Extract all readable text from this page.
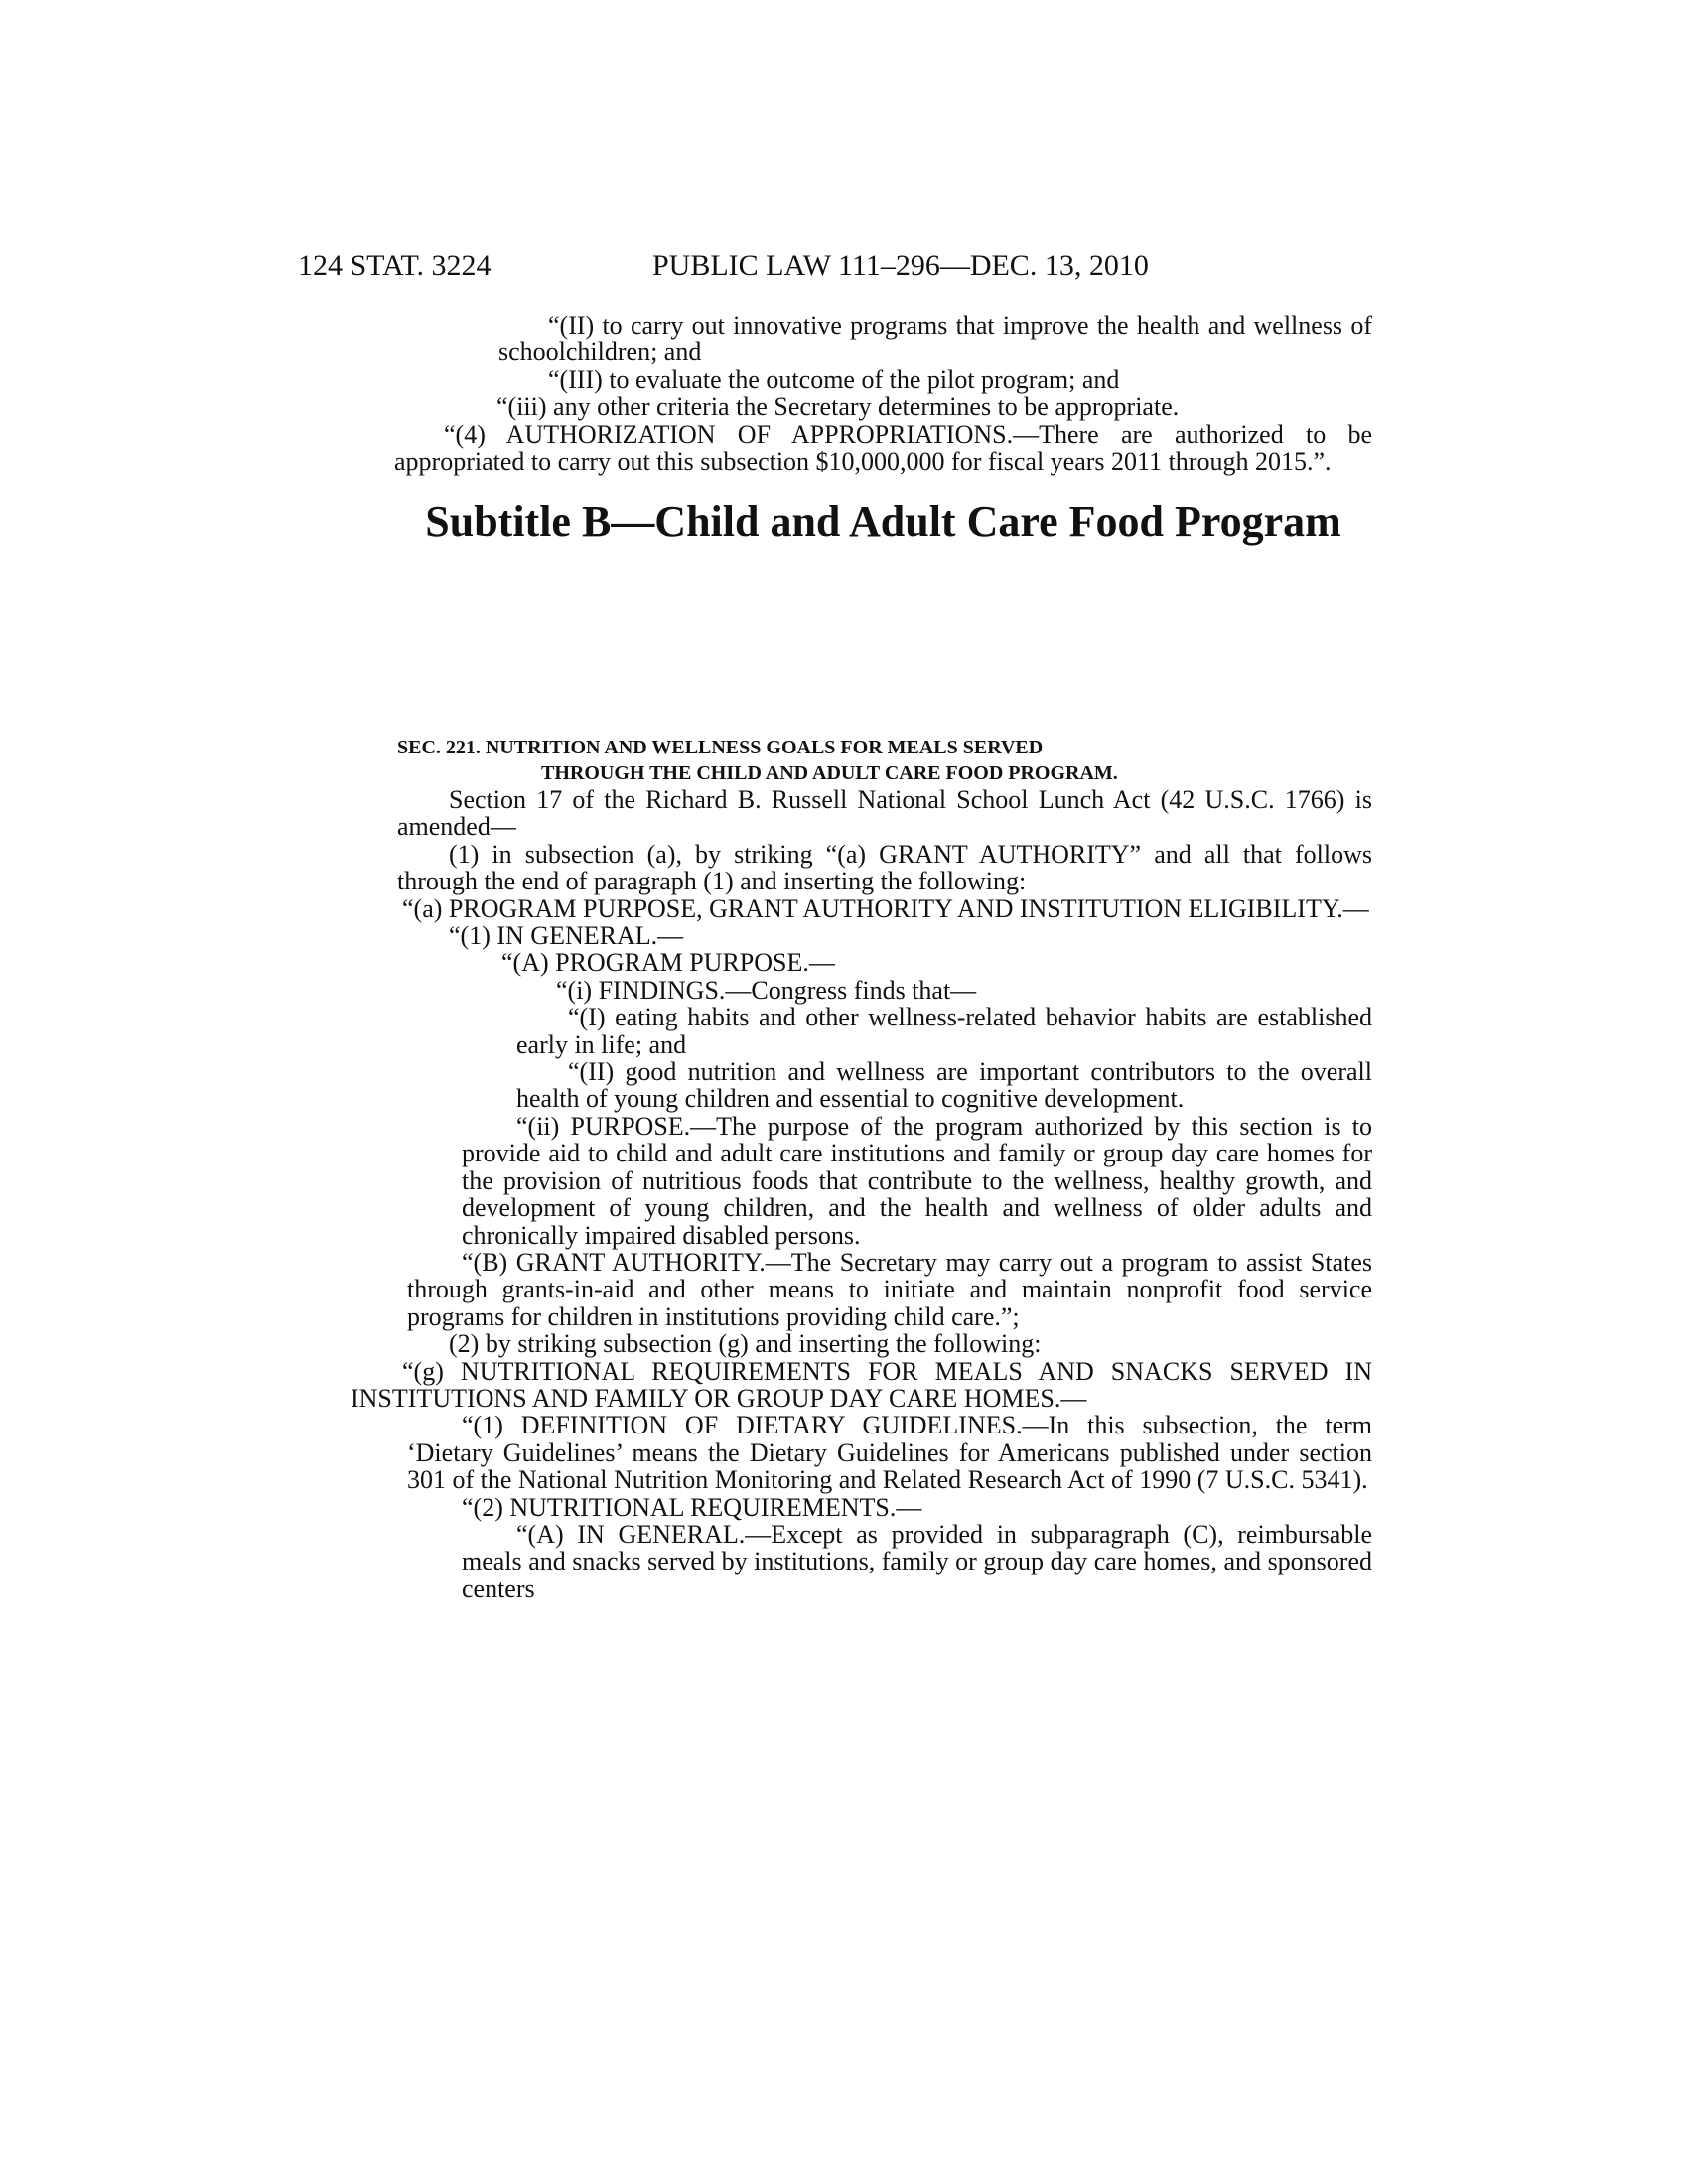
124 STAT. 3224	PUBLIC LAW 111–296—DEC. 13, 2010

“(II) to carry out innovative programs that improve the health and wellness of schoolchildren; and

“(III) to evaluate the outcome of the pilot program; and

“(iii) any other criteria the Secretary determines to be appropriate.

“(4) AUTHORIZATION OF APPROPRIATIONS.—There are authorized to be appropriated to carry out this subsection $10,000,000 for fiscal years 2011 through 2015.”.

Subtitle B—Child and Adult Care Food Program
SEC. 221. NUTRITION AND WELLNESS GOALS FOR MEALS SERVED
THROUGH THE CHILD AND ADULT CARE FOOD PROGRAM.

Section 17 of the Richard B. Russell National School Lunch Act (42 U.S.C. 1766) is amended—

(1) in subsection (a), by striking “(a) GRANT AUTHORITY” and all that follows through the end of paragraph (1) and inserting the following:

“(a) PROGRAM PURPOSE, GRANT AUTHORITY AND INSTITUTION ELIGIBILITY.—

“(1) IN GENERAL.—

“(A) PROGRAM PURPOSE.—

“(i) FINDINGS.—Congress finds that—

“(I) eating habits and other wellness-related behavior habits are established early in life; and

“(II) good nutrition and wellness are important contributors to the overall health of young children and essential to cognitive development.

“(ii) PURPOSE.—The purpose of the program authorized by this section is to provide aid to child and adult care institutions and family or group day care homes for the provision of nutritious foods that contribute to the wellness, healthy growth, and development of young children, and the health and wellness of older adults and chronically impaired disabled persons.

“(B) GRANT AUTHORITY.—The Secretary may carry out a program to assist States through grants-in-aid and other means to initiate and maintain nonprofit food service programs for children in institutions providing child care.”;

(2) by striking subsection (g) and inserting the following:

“(g) NUTRITIONAL REQUIREMENTS FOR MEALS AND SNACKS SERVED IN INSTITUTIONS AND FAMILY OR GROUP DAY CARE HOMES.—

“(1) DEFINITION OF DIETARY GUIDELINES.—In this subsection, the term ‘Dietary Guidelines’ means the Dietary Guidelines for Americans published under section 301 of the National Nutrition Monitoring and Related Research Act of 1990 (7 U.S.C. 5341).

“(2) NUTRITIONAL REQUIREMENTS.—

“(A) IN GENERAL.—Except as provided in subparagraph (C), reimbursable meals and snacks served by institutions, family or group day care homes, and sponsored centers
